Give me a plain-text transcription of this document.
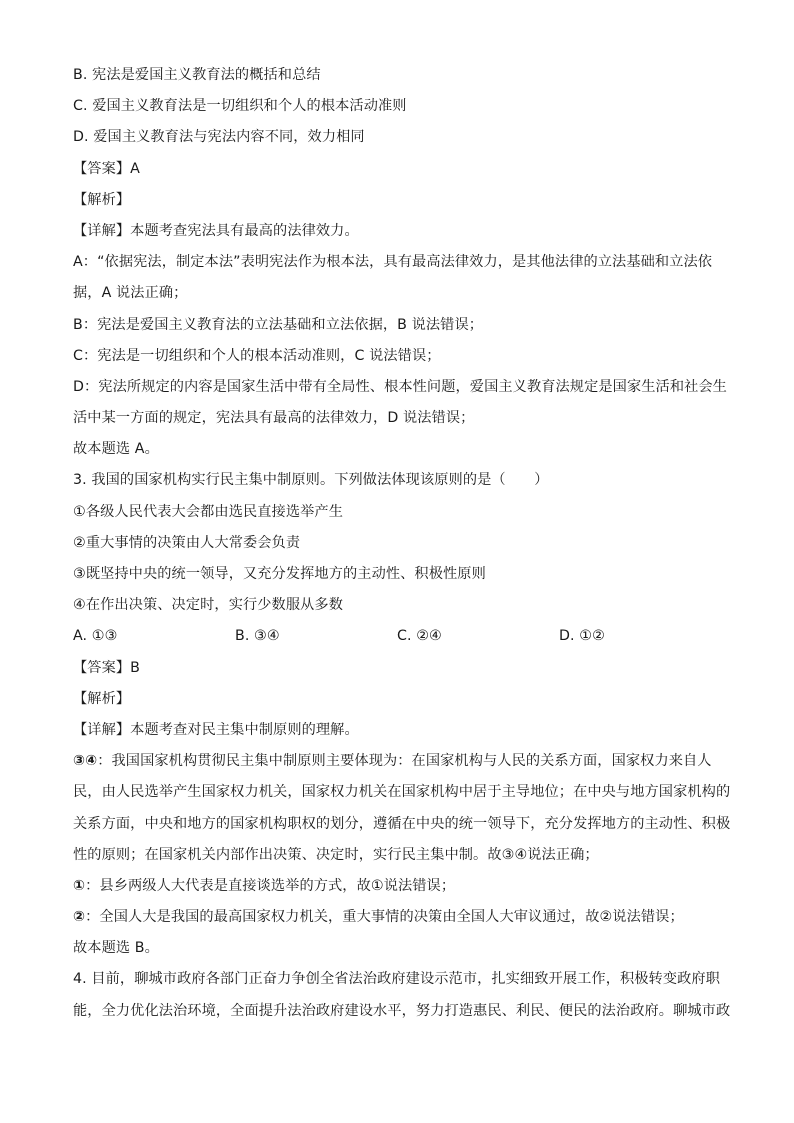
B. 宪法是爱国主义教育法的概括和总结
C. 爱国主义教育法是一切组织和个人的根本活动准则
D. 爱国主义教育法与宪法内容不同，效力相同
【答案】A
【解析】
【详解】本题考查宪法具有最高的法律效力。
A：“依据宪法，制定本法”表明宪法作为根本法，具有最高法律效力，是其他法律的立法基础和立法依
据，A 说法正确；
B：宪法是爱国主义教育法的立法基础和立法依据，B 说法错误；
C：宪法是一切组织和个人的根本活动准则，C 说法错误；
D：宪法所规定的内容是国家生活中带有全局性、根本性问题，爱国主义教育法规定是国家生活和社会生
活中某一方面的规定，宪法具有最高的法律效力，D 说法错误；
故本题选 A。
3. 我国的国家机构实行民主集中制原则。下列做法体现该原则的是（　　）
①各级人民代表大会都由选民直接选举产生
②重大事情的决策由人大常委会负责
③既坚持中央的统一领导，又充分发挥地方的主动性、积极性原则
④在作出决策、决定时，实行少数服从多数
A. ①③	B. ③④	C. ②④	D. ①②
【答案】B
【解析】
【详解】本题考查对民主集中制原则的理解。
③④：我国国家机构贯彻民主集中制原则主要体现为：在国家机构与人民的关系方面，国家权力来自人
民，由人民选举产生国家权力机关，国家权力机关在国家机构中居于主导地位；在中央与地方国家机构的
关系方面，中央和地方的国家机构职权的划分，遵循在中央的统一领导下，充分发挥地方的主动性、积极
性的原则；在国家机关内部作出决策、决定时，实行民主集中制。故③④说法正确；
①：县乡两级人大代表是直接谈选举的方式，故①说法错误；
②：全国人大是我国的最高国家权力机关，重大事情的决策由全国人大审议通过，故②说法错误；
故本题选 B。
4. 目前，聊城市政府各部门正奋力争创全省法治政府建设示范市，扎实细致开展工作，积极转变政府职
能，全力优化法治环境，全面提升法治政府建设水平，努力打造惠民、利民、便民的法治政府。聊城市政
